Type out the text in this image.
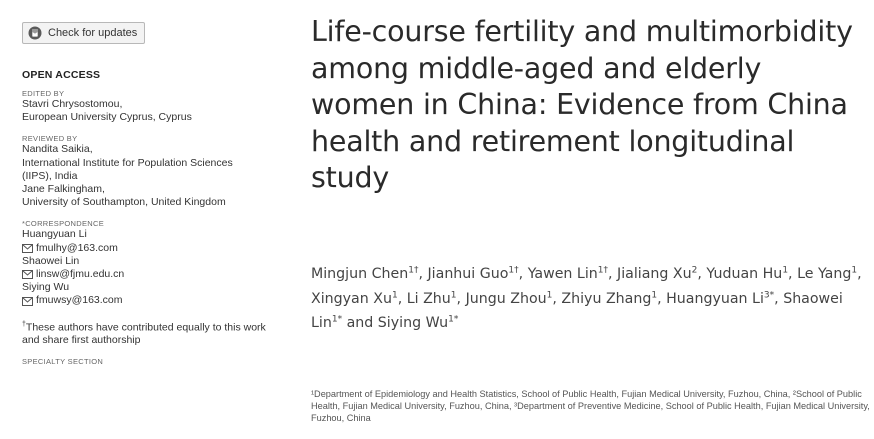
Check for updates
OPEN ACCESS
EDITED BY
Stavri Chrysostomou,
European University Cyprus, Cyprus
REVIEWED BY
Nandita Saikia,
International Institute for Population Sciences
(IIPS), India
Jane Falkingham,
University of Southampton, United Kingdom
*CORRESPONDENCE
Huangyuan Li
fmulhy@163.com
Shaowei Lin
linsw@fjmu.edu.cn
Siying Wu
fmuwsy@163.com
†These authors have contributed equally to this work and share first authorship
SPECIALTY SECTION
Life-course fertility and multimorbidity among middle-aged and elderly women in China: Evidence from China health and retirement longitudinal study

Mingjun Chen$^{1\dagger}$, Jianhui Guo$^{1\dagger}$, Yawen Lin$^{1\dagger}$, Jialiang Xu$^2$, Yuduan Hu$^1$, Le Yang$^1$, Xingyan Xu$^1$, Li Zhu$^1$, Jungu Zhou$^1$, Zhiyu Zhang$^1$, Huangyuan $Li^{3*}$, Shaowei Lin$^{1*}$ and Siying $Wu^{1*}$

¹Department of Epidemiology and Health Statistics, School of Public Health, Fujian Medical University, Fuzhou, China, ²School of Public Health, Fujian Medical University, Fuzhou, China, ³Department of Preventive Medicine, School of Public Health, Fujian Medical University, Fuzhou, China
